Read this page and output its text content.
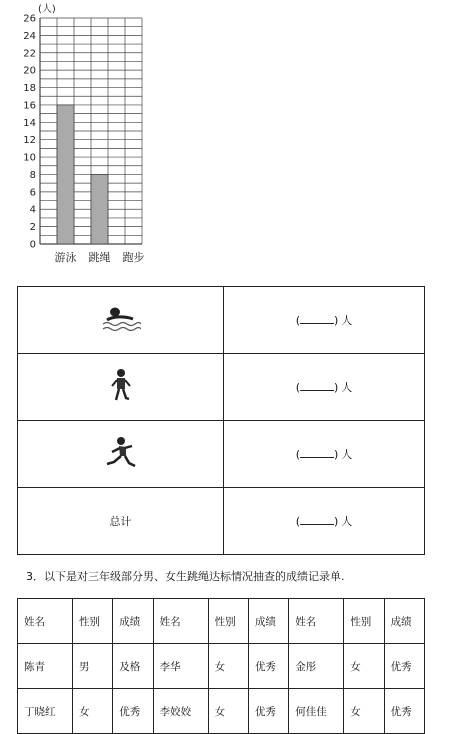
0
2
4
6
8
10
12
14
16
18
20
22
24
26
(人)
游泳 跳绳 跑步
	( ) 人
	( ) 人
	( ) 人
总计	( ) 人
3．以下是对三年级部分男、女生跳绳达标情况抽查的成绩记录单.
姓名	性别	成绩	姓名	性别	成绩	姓名	性别	成绩
陈青	男	及格	李华	女	优秀	金彤	女	优秀
丁晓红	女	优秀	李姣姣	女	优秀	何佳佳	女	优秀
